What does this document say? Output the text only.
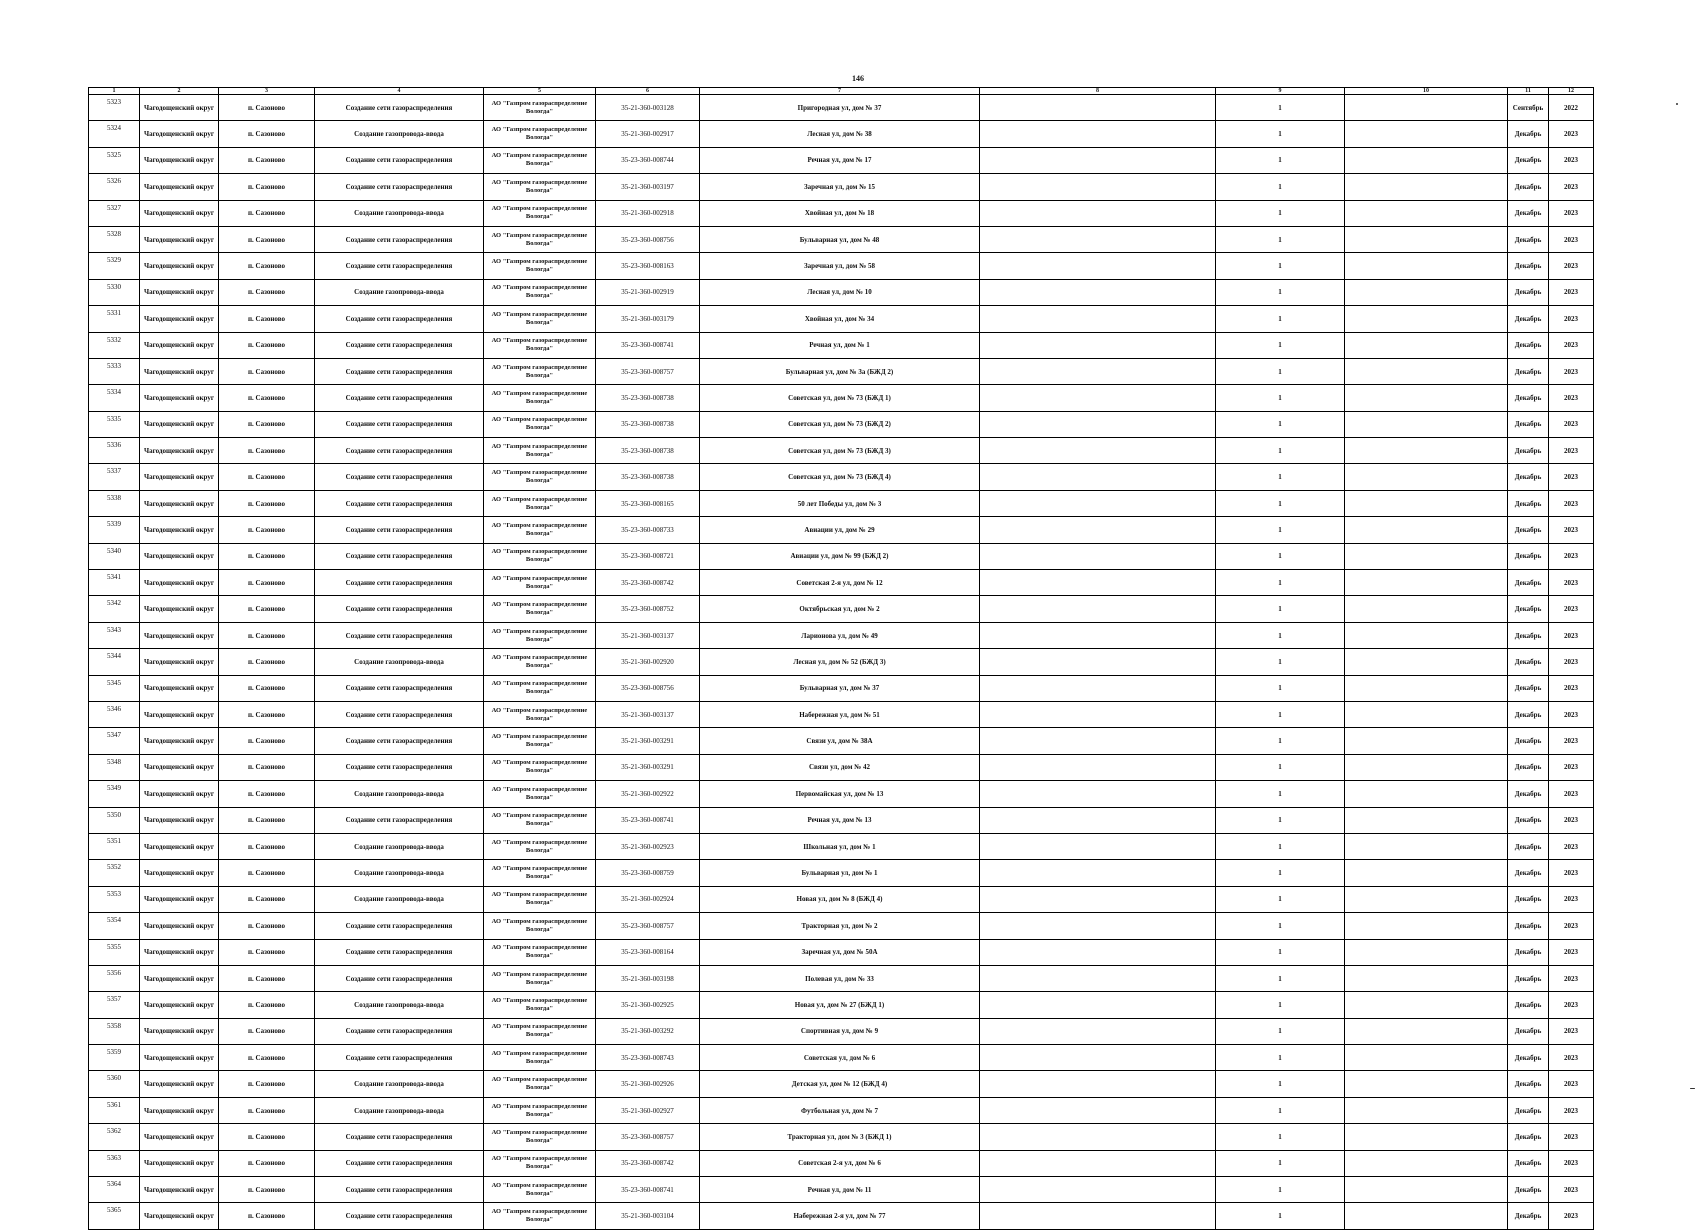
146
1	2	3	4	5	6	7	8	9	10	11	12
5323	Чагодощенский округ	п. Сазоново	Создание сети газораспределения	АО "Газпром газораспределение Вологда"	35-21-360-003128	Пригородная ул, дом № 37		1		Сентябрь	2022
5324	Чагодощенский округ	п. Сазоново	Создание газопровода-ввода	АО "Газпром газораспределение Вологда"	35-21-360-002917	Лесная ул, дом № 38		1		Декабрь	2023
5325	Чагодощенский округ	п. Сазоново	Создание сети газораспределения	АО "Газпром газораспределение Вологда"	35-23-360-008744	Речная ул, дом № 17		1		Декабрь	2023
5326	Чагодощенский округ	п. Сазоново	Создание сети газораспределения	АО "Газпром газораспределение Вологда"	35-21-360-003197	Заречная ул, дом № 15		1		Декабрь	2023
5327	Чагодощенский округ	п. Сазоново	Создание газопровода-ввода	АО "Газпром газораспределение Вологда"	35-21-360-002918	Хвойная ул, дом № 18		1		Декабрь	2023
5328	Чагодощенский округ	п. Сазоново	Создание сети газораспределения	АО "Газпром газораспределение Вологда"	35-23-360-008756	Бульварная ул, дом № 48		1		Декабрь	2023
5329	Чагодощенский округ	п. Сазоново	Создание сети газораспределения	АО "Газпром газораспределение Вологда"	35-23-360-008163	Заречная ул, дом № 58		1		Декабрь	2023
5330	Чагодощенский округ	п. Сазоново	Создание газопровода-ввода	АО "Газпром газораспределение Вологда"	35-21-360-002919	Лесная ул, дом № 10		1		Декабрь	2023
5331	Чагодощенский округ	п. Сазоново	Создание сети газораспределения	АО "Газпром газораспределение Вологда"	35-21-360-003179	Хвойная ул, дом № 34		1		Декабрь	2023
5332	Чагодощенский округ	п. Сазоново	Создание сети газораспределения	АО "Газпром газораспределение Вологда"	35-23-360-008741	Речная ул, дом № 1		1		Декабрь	2023
5333	Чагодощенский округ	п. Сазоново	Создание сети газораспределения	АО "Газпром газораспределение Вологда"	35-23-360-008757	Бульварная ул, дом № 3а (БЖД 2)		1		Декабрь	2023
5334	Чагодощенский округ	п. Сазоново	Создание сети газораспределения	АО "Газпром газораспределение Вологда"	35-23-360-008738	Советская ул, дом № 73 (БЖД 1)		1		Декабрь	2023
5335	Чагодощенский округ	п. Сазоново	Создание сети газораспределения	АО "Газпром газораспределение Вологда"	35-23-360-008738	Советская ул, дом № 73 (БЖД 2)		1		Декабрь	2023
5336	Чагодощенский округ	п. Сазоново	Создание сети газораспределения	АО "Газпром газораспределение Вологда"	35-23-360-008738	Советская ул, дом № 73 (БЖД 3)		1		Декабрь	2023
5337	Чагодощенский округ	п. Сазоново	Создание сети газораспределения	АО "Газпром газораспределение Вологда"	35-23-360-008738	Советская ул, дом № 73 (БЖД 4)		1		Декабрь	2023
5338	Чагодощенский округ	п. Сазоново	Создание сети газораспределения	АО "Газпром газораспределение Вологда"	35-23-360-008165	50 лет Победы ул, дом № 3		1		Декабрь	2023
5339	Чагодощенский округ	п. Сазоново	Создание сети газораспределения	АО "Газпром газораспределение Вологда"	35-23-360-008733	Авиации ул, дом № 29		1		Декабрь	2023
5340	Чагодощенский округ	п. Сазоново	Создание сети газораспределения	АО "Газпром газораспределение Вологда"	35-23-360-008721	Авиации ул, дом № 99 (БЖД 2)		1		Декабрь	2023
5341	Чагодощенский округ	п. Сазоново	Создание сети газораспределения	АО "Газпром газораспределение Вологда"	35-23-360-008742	Советская 2-я ул, дом № 12		1		Декабрь	2023
5342	Чагодощенский округ	п. Сазоново	Создание сети газораспределения	АО "Газпром газораспределение Вологда"	35-23-360-008752	Октябрьская ул, дом № 2		1		Декабрь	2023
5343	Чагодощенский округ	п. Сазоново	Создание сети газораспределения	АО "Газпром газораспределение Вологда"	35-21-360-003137	Ларионова ул, дом № 49		1		Декабрь	2023
5344	Чагодощенский округ	п. Сазоново	Создание газопровода-ввода	АО "Газпром газораспределение Вологда"	35-21-360-002920	Лесная ул, дом № 52 (БЖД 3)		1		Декабрь	2023
5345	Чагодощенский округ	п. Сазоново	Создание сети газораспределения	АО "Газпром газораспределение Вологда"	35-23-360-008756	Бульварная ул, дом № 37		1		Декабрь	2023
5346	Чагодощенский округ	п. Сазоново	Создание сети газораспределения	АО "Газпром газораспределение Вологда"	35-21-360-003137	Набережная ул, дом № 51		1		Декабрь	2023
5347	Чагодощенский округ	п. Сазоново	Создание сети газораспределения	АО "Газпром газораспределение Вологда"	35-21-360-003291	Связи ул, дом № 38А		1		Декабрь	2023
5348	Чагодощенский округ	п. Сазоново	Создание сети газораспределения	АО "Газпром газораспределение Вологда"	35-21-360-003291	Связи ул, дом № 42		1		Декабрь	2023
5349	Чагодощенский округ	п. Сазоново	Создание газопровода-ввода	АО "Газпром газораспределение Вологда"	35-21-360-002922	Первомайская ул, дом № 13		1		Декабрь	2023
5350	Чагодощенский округ	п. Сазоново	Создание сети газораспределения	АО "Газпром газораспределение Вологда"	35-23-360-008741	Речная ул, дом № 13		1		Декабрь	2023
5351	Чагодощенский округ	п. Сазоново	Создание газопровода-ввода	АО "Газпром газораспределение Вологда"	35-21-360-002923	Школьная ул, дом № 1		1		Декабрь	2023
5352	Чагодощенский округ	п. Сазоново	Создание газопровода-ввода	АО "Газпром газораспределение Вологда"	35-23-360-008759	Бульварная ул, дом № 1		1		Декабрь	2023
5353	Чагодощенский округ	п. Сазоново	Создание газопровода-ввода	АО "Газпром газораспределение Вологда"	35-21-360-002924	Новая ул, дом № 8 (БЖД 4)		1		Декабрь	2023
5354	Чагодощенский округ	п. Сазоново	Создание сети газораспределения	АО "Газпром газораспределение Вологда"	35-23-360-008757	Тракторная ул, дом № 2		1		Декабрь	2023
5355	Чагодощенский округ	п. Сазоново	Создание сети газораспределения	АО "Газпром газораспределение Вологда"	35-23-360-008164	Заречная ул, дом № 50А		1		Декабрь	2023
5356	Чагодощенский округ	п. Сазоново	Создание сети газораспределения	АО "Газпром газораспределение Вологда"	35-21-360-003198	Полевая ул, дом № 33		1		Декабрь	2023
5357	Чагодощенский округ	п. Сазоново	Создание газопровода-ввода	АО "Газпром газораспределение Вологда"	35-21-360-002925	Новая ул, дом № 27 (БЖД 1)		1		Декабрь	2023
5358	Чагодощенский округ	п. Сазоново	Создание сети газораспределения	АО "Газпром газораспределение Вологда"	35-21-360-003292	Спортивная ул, дом № 9		1		Декабрь	2023
5359	Чагодощенский округ	п. Сазоново	Создание сети газораспределения	АО "Газпром газораспределение Вологда"	35-23-360-008743	Советская ул, дом № 6		1		Декабрь	2023
5360	Чагодощенский округ	п. Сазоново	Создание газопровода-ввода	АО "Газпром газораспределение Вологда"	35-21-360-002926	Детская ул, дом № 12 (БЖД 4)		1		Декабрь	2023
5361	Чагодощенский округ	п. Сазоново	Создание газопровода-ввода	АО "Газпром газораспределение Вологда"	35-21-360-002927	Футбольная ул, дом № 7		1		Декабрь	2023
5362	Чагодощенский округ	п. Сазоново	Создание сети газораспределения	АО "Газпром газораспределение Вологда"	35-23-360-008757	Тракторная ул, дом № 3 (БЖД 1)		1		Декабрь	2023
5363	Чагодощенский округ	п. Сазоново	Создание сети газораспределения	АО "Газпром газораспределение Вологда"	35-23-360-008742	Советская 2-я ул, дом № 6		1		Декабрь	2023
5364	Чагодощенский округ	п. Сазоново	Создание сети газораспределения	АО "Газпром газораспределение Вологда"	35-23-360-008741	Речная ул, дом № 11		1		Декабрь	2023
5365	Чагодощенский округ	п. Сазоново	Создание сети газораспределения	АО "Газпром газораспределение Вологда"	35-21-360-003104	Набережная 2-я ул, дом № 77		1		Декабрь	2023
